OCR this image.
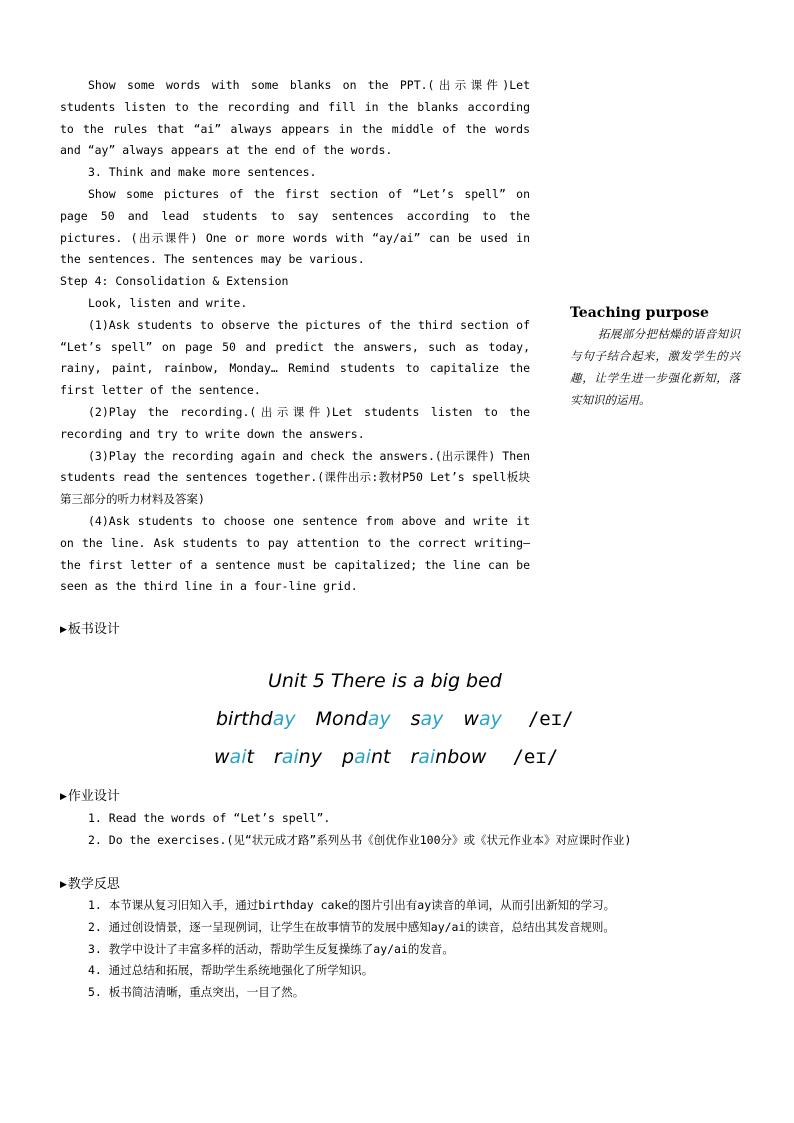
Show some words with some blanks on the PPT.(出示课件)Let students listen to the recording and fill in the blanks according to the rules that “ai” always appears in the middle of the words and “ay” always appears at the end of the words.

3. Think and make more sentences.

Show some pictures of the first section of “Let’s spell” on page 50 and lead students to say sentences according to the pictures. (出示课件) One or more words with “ay/ai” can be used in the sentences. The sentences may be various.

Step 4: Consolidation & Extension

Look, listen and write.

(1)Ask students to observe the pictures of the third section of “Let’s spell” on page 50 and predict the answers, such as today, rainy, paint, rainbow, Monday… Remind students to capitalize the first letter of the sentence.

(2)Play the recording.(出示课件)Let students listen to the recording and try to write down the answers.

(3)Play the recording again and check the answers.(出示课件) Then students read the sentences together.(课件出示:教材P50 Let’s spell板块第三部分的听力材料及答案)

(4)Ask students to choose one sentence from above and write it on the line. Ask students to pay attention to the correct writing—the first letter of a sentence must be capitalized; the line can be seen as the third line in a four-line grid.

Teaching purpose

拓展部分把枯燥的语音知识与句子结合起来，激发学生的兴趣，让学生进一步强化新知，落实知识的运用。

▶板书设计
Unit 5 There is a big bed
birthday Monday say way /eɪ/
wait rainy paint rainbow /eɪ/
▶作业设计

1. Read the words of “Let’s spell”.

2. Do the exercises.(见“状元成才路”系列丛书《创优作业100分》或《状元作业本》对应课时作业)

▶教学反思

1. 本节课从复习旧知入手，通过birthday cake的图片引出有ay读音的单词，从而引出新知的学习。

2. 通过创设情景，逐一呈现例词，让学生在故事情节的发展中感知ay/ai的读音，总结出其发音规则。

3. 教学中设计了丰富多样的活动，帮助学生反复操练了ay/ai的发音。

4. 通过总结和拓展，帮助学生系统地强化了所学知识。

5. 板书简洁清晰，重点突出，一目了然。
